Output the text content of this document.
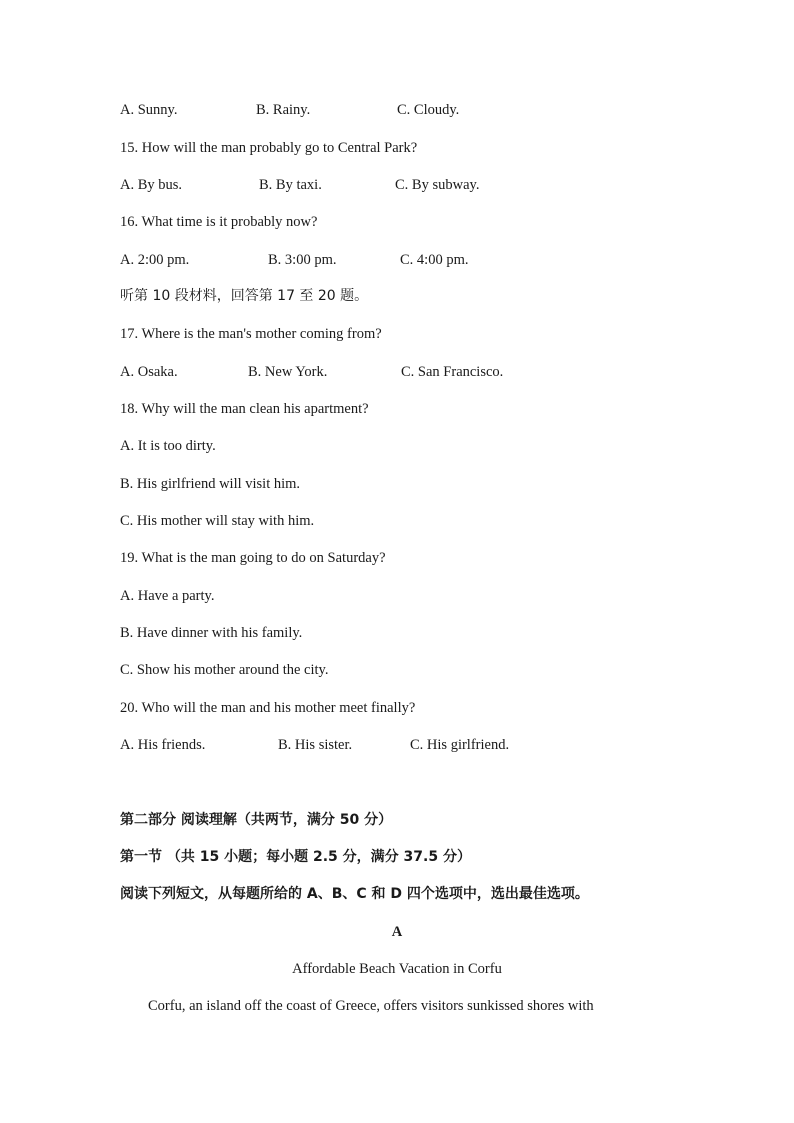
A. Sunny.	B. Rainy.	C. Cloudy.
15. How will the man probably go to Central Park?
A. By bus.	B. By taxi.	C. By subway.
16. What time is it probably now?
A. 2:00 pm.	B. 3:00 pm.	C. 4:00 pm.
听第 10 段材料，回答第 17 至 20 题。
17. Where is the man's mother coming from?
A. Osaka.	B. New York.	C. San Francisco.
18. Why will the man clean his apartment?
A. It is too dirty.
B. His girlfriend will visit him.
C. His mother will stay with him.
19. What is the man going to do on Saturday?
A. Have a party.
B. Have dinner with his family.
C. Show his mother around the city.
20. Who will the man and his mother meet finally?
A. His friends.	B. His sister.	C. His girlfriend.
第二部分 阅读理解（共两节，满分 50 分）
第一节 （共 15 小题；每小题 2.5 分，满分 37.5 分）
阅读下列短文，从每题所给的 A、B、C 和 D 四个选项中，选出最佳选项。
A
Affordable Beach Vacation in Corfu
Corfu, an island off the coast of Greece, offers visitors sunkissed shores with
